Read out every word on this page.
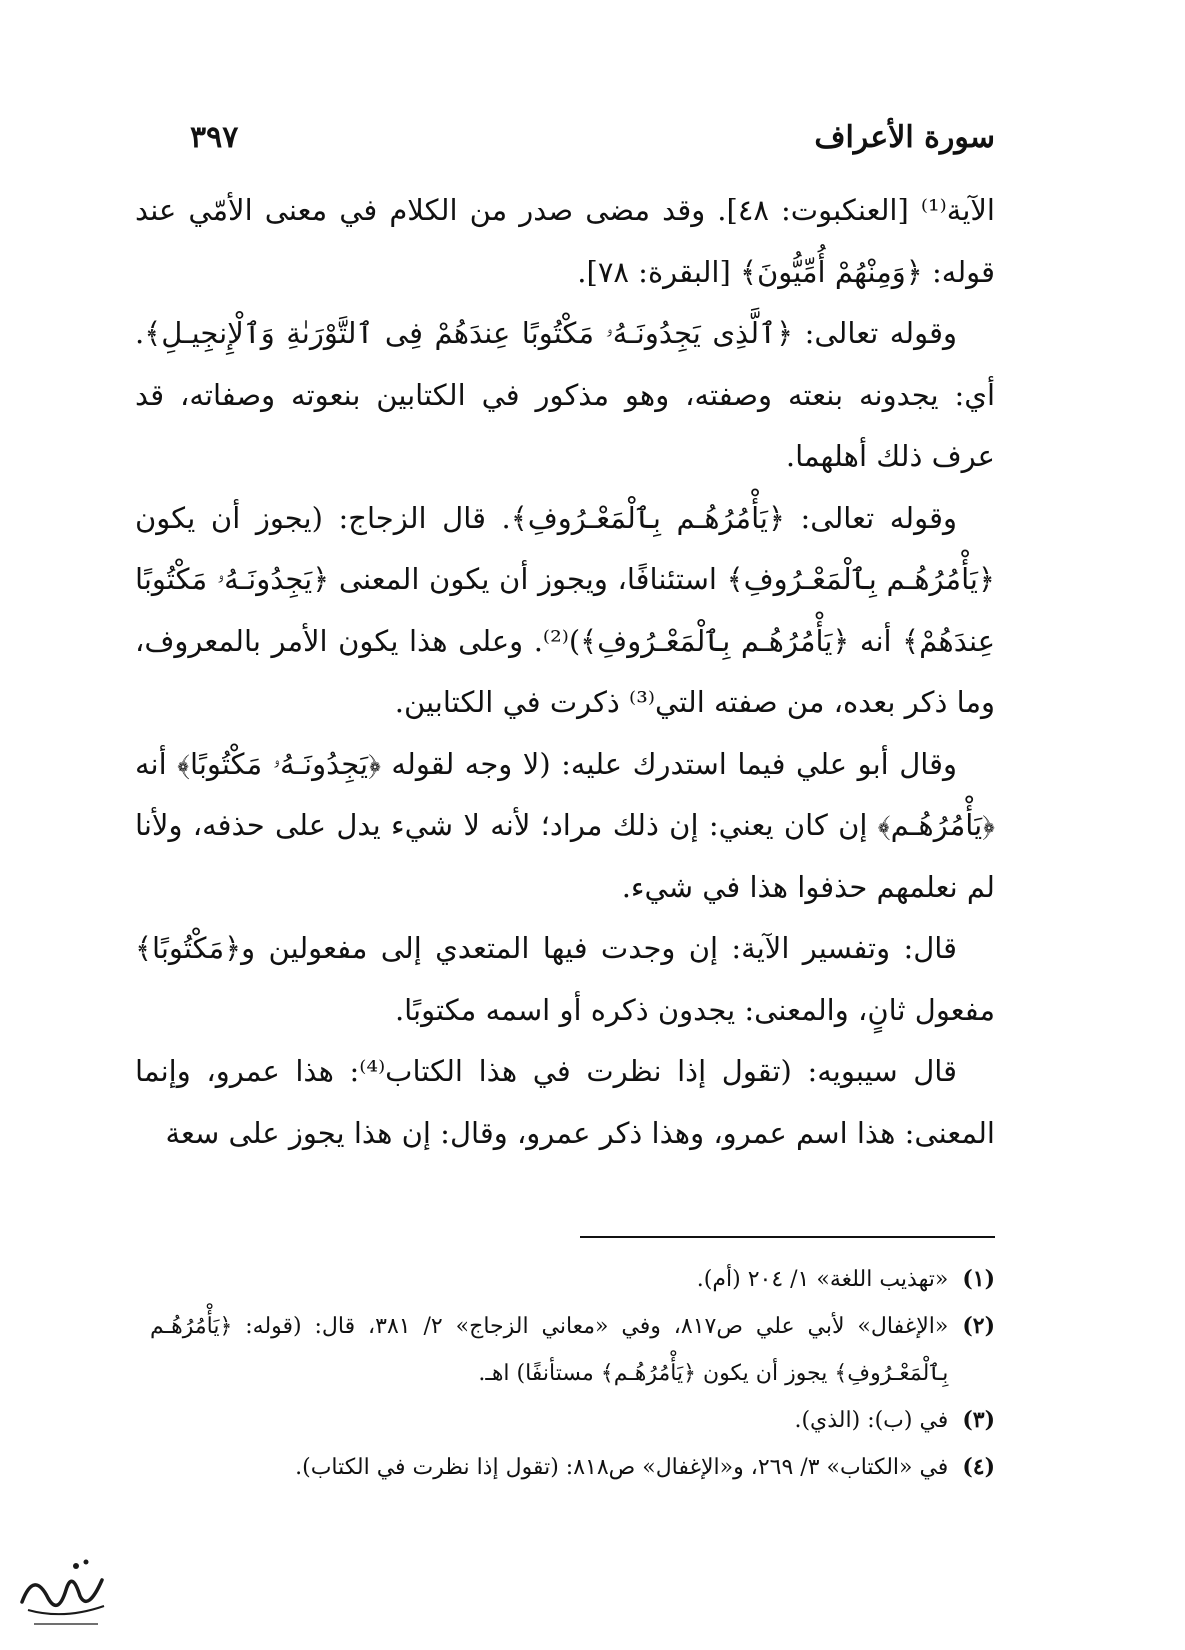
سورة الأعراف
٣٩٧

الآية⁽¹⁾ [العنكبوت: ٤٨]. وقد مضى صدر من الكلام في معنى الأمّي عند قوله: ﴿وَمِنْهُمْ أُمِّيُّونَ﴾ [البقرة: ٧٨].

وقوله تعالى: ﴿ٱلَّذِى يَجِدُونَـهُۥ مَكْتُوبًا عِندَهُمْ فِى ٱلتَّوْرَىٰةِ وَٱلْإِنجِيـلِ﴾. أي: يجدونه بنعته وصفته، وهو مذكور في الكتابين بنعوته وصفاته، قد عرف ذلك أهلهما.

وقوله تعالى: ﴿يَأْمُرُهُـم بِٱلْمَعْـرُوفِ﴾. قال الزجاج: (يجوز أن يكون ﴿يَأْمُرُهُـم بِٱلْمَعْـرُوفِ﴾ استئنافًا، ويجوز أن يكون المعنى ﴿يَجِدُونَـهُۥ مَكْتُوبًا عِندَهُمْ﴾ أنه ﴿يَأْمُرُهُـم بِٱلْمَعْـرُوفِ﴾)⁽²⁾. وعلى هذا يكون الأمر بالمعروف، وما ذكر بعده، من صفته التي⁽³⁾ ذكرت في الكتابين.

وقال أبو علي فيما استدرك عليه: (لا وجه لقوله ﴿يَجِدُونَـهُۥ مَكْتُوبًا﴾ أنه ﴿يَأْمُرُهُـم﴾ إن كان يعني: إن ذلك مراد؛ لأنه لا شيء يدل على حذفه، ولأنا لم نعلمهم حذفوا هذا في شيء.

قال: وتفسير الآية: إن وجدت فيها المتعدي إلى مفعولين و﴿مَكْتُوبًا﴾ مفعول ثانٍ، والمعنى: يجدون ذكره أو اسمه مكتوبًا.

قال سيبويه: (تقول إذا نظرت في هذا الكتاب⁽⁴⁾: هذا عمرو، وإنما المعنى: هذا اسم عمرو، وهذا ذكر عمرو، وقال: إن هذا يجوز على سعة

(١)
«تهذيب اللغة» ١/ ٢٠٤ (أم).
(٢)
«الإغفال» لأبي علي ص٨١٧، وفي «معاني الزجاج» ٢/ ٣٨١، قال: (قوله: ﴿يَأْمُرُهُـم بِٱلْمَعْـرُوفِ﴾ يجوز أن يكون ﴿يَأْمُرُهُـم﴾ مستأنفًا) اهـ.
(٣)
في (ب): (الذي).
(٤)
في «الكتاب» ٣/ ٢٦٩، و«الإغفال» ص٨١٨: (تقول إذا نظرت في الكتاب).
